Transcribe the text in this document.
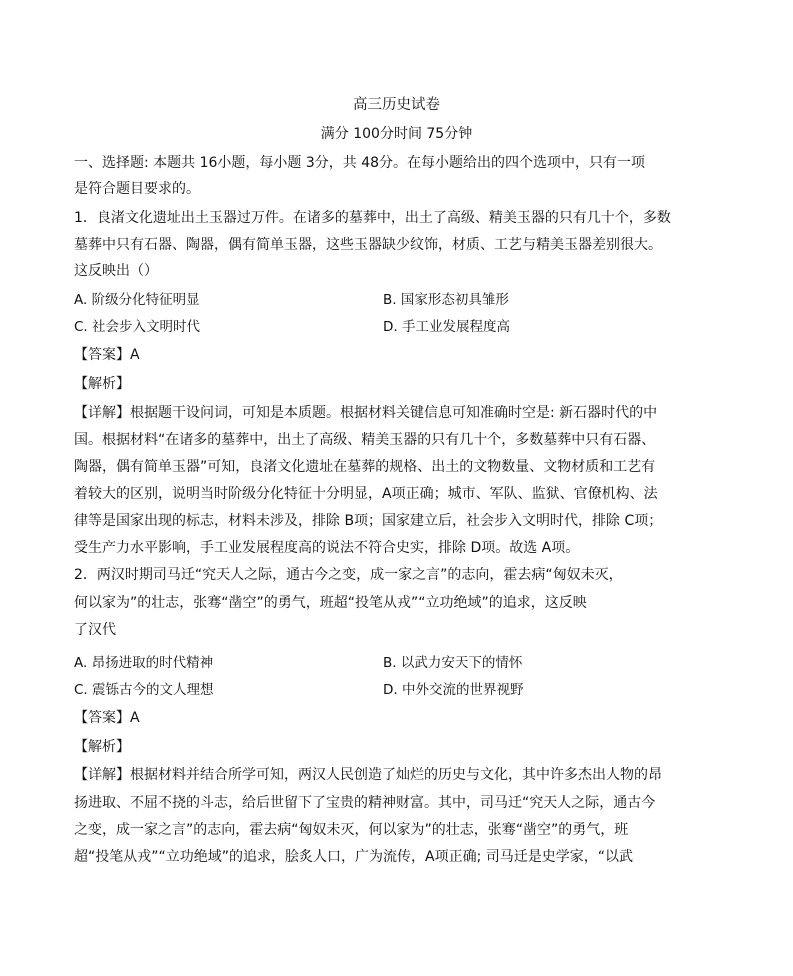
高三历史试卷

满分 100分时间 75分钟

一、选择题: 本题共 16小题，每小题 3分，共 48分。在每小题给出的四个选项中，只有一项

是符合题目要求的。

1．良渚文化遗址出土玉器过万件。在诸多的墓葬中，出土了高级、精美玉器的只有几十个，多数

墓葬中只有石器、陶器，偶有简单玉器，这些玉器缺少纹饰，材质、工艺与精美玉器差别很大。

这反映出（）

A. 阶级分化特征明显	B. 国家形态初具雏形

C. 社会步入文明时代	D. 手工业发展程度高

【答案】A

【解析】

【详解】根据题干设问词，可知是本质题。根据材料关键信息可知准确时空是: 新石器时代的中

国。根据材料“在诸多的墓葬中，出土了高级、精美玉器的只有几十个，多数墓葬中只有石器、

陶器，偶有简单玉器”可知，良渚文化遗址在墓葬的规格、出土的文物数量、文物材质和工艺有

着较大的区别，说明当时阶级分化特征十分明显，A项正确；城市、军队、监狱、官僚机构、法

律等是国家出现的标志，材料未涉及，排除 B项；国家建立后，社会步入文明时代，排除 C项；

受生产力水平影响，手工业发展程度高的说法不符合史实，排除 D项。故选 A项。

2．两汉时期司马迁“究天人之际，通古今之变，成一家之言”的志向，霍去病“匈奴未灭，

何以家为”的壮志，张骞“凿空”的勇气，班超“投笔从戎”“立功绝域”的追求，这反映

了汉代

A. 昂扬进取的时代精神	B. 以武力安天下的情怀

C. 震铄古今的文人理想	D. 中外交流的世界视野

【答案】A

【解析】

【详解】根据材料并结合所学可知，两汉人民创造了灿烂的历史与文化，其中许多杰出人物的昂

扬进取、不屈不挠的斗志，给后世留下了宝贵的精神财富。其中，司马迁“究天人之际，通古今

之变，成一家之言”的志向，霍去病“匈奴未灭，何以家为”的壮志，张骞“凿空”的勇气，班

超“投笔从戎”“立功绝域”的追求，脍炙人口，广为流传，A项正确; 司马迁是史学家，“以武
